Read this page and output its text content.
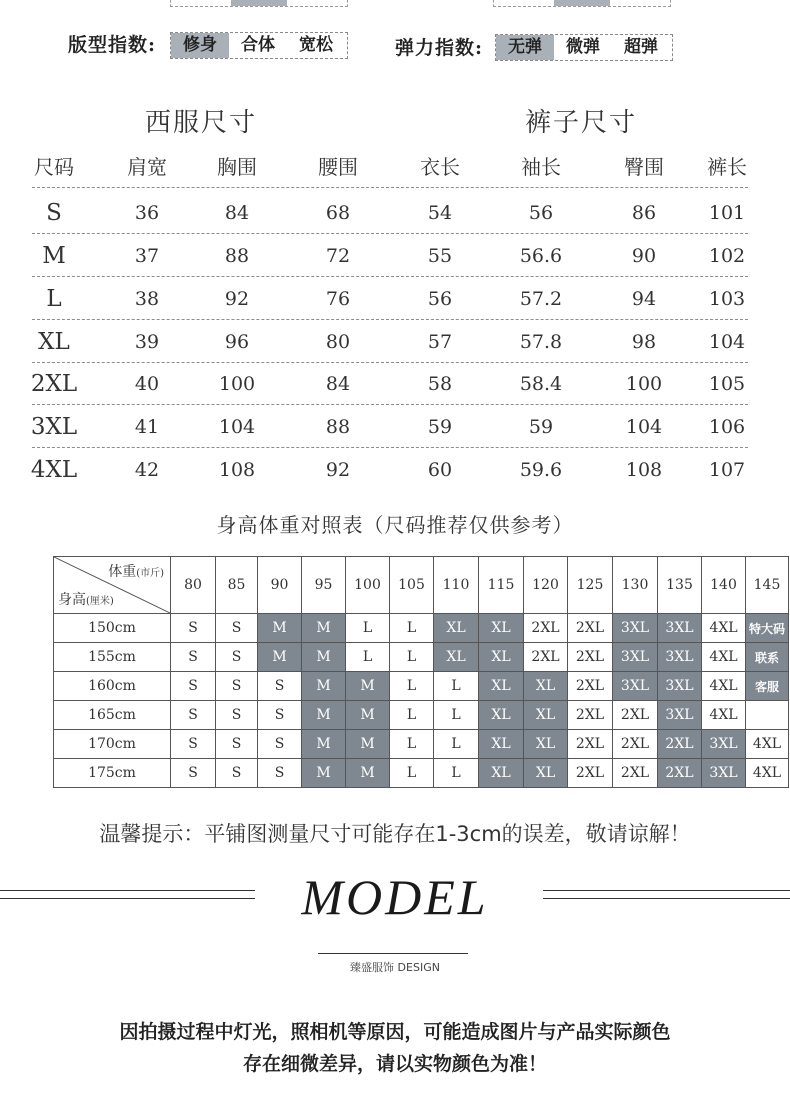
版型指数:	修身	合体	宽松	弹力指数:	无弹	微弹	超弹
西服尺寸	裤子尺寸
尺码	肩宽	胸围	腰围	衣长	袖长	臀围	裤长
S	36	84	68	54	56	86	101
M	37	88	72	55	56.6	90	102
L	38	92	76	56	57.2	94	103
XL	39	96	80	57	57.8	98	104
2XL	40	100	84	58	58.4	100	105
3XL	41	104	88	59	59	104	106
4XL	42	108	92	60	59.6	108	107
身高体重对照表（尺码推荐仅供参考）
体重(市斤)
身高(厘米)	80	85	90	95	100	105	110	115	120	125	130	135	140	145
150cm	S	S	M	M	L	L	XL	XL	2XL	2XL	3XL	3XL	4XL	特大码
155cm	S	S	M	M	L	L	XL	XL	2XL	2XL	3XL	3XL	4XL	联系
160cm	S	S	S	M	M	L	L	XL	XL	2XL	3XL	3XL	4XL	客服
165cm	S	S	S	M	M	L	L	XL	XL	2XL	2XL	3XL	4XL	
170cm	S	S	S	M	M	L	L	XL	XL	2XL	2XL	2XL	3XL	4XL
175cm	S	S	S	M	M	L	L	XL	XL	2XL	2XL	2XL	3XL	4XL
温馨提示：平铺图测量尺寸可能存在1-3cm的误差，敬请谅解！
MODEL
臻盛服饰 DESIGN
因拍摄过程中灯光，照相机等原因，可能造成图片与产品实际颜色
存在细微差异，请以实物颜色为准！
